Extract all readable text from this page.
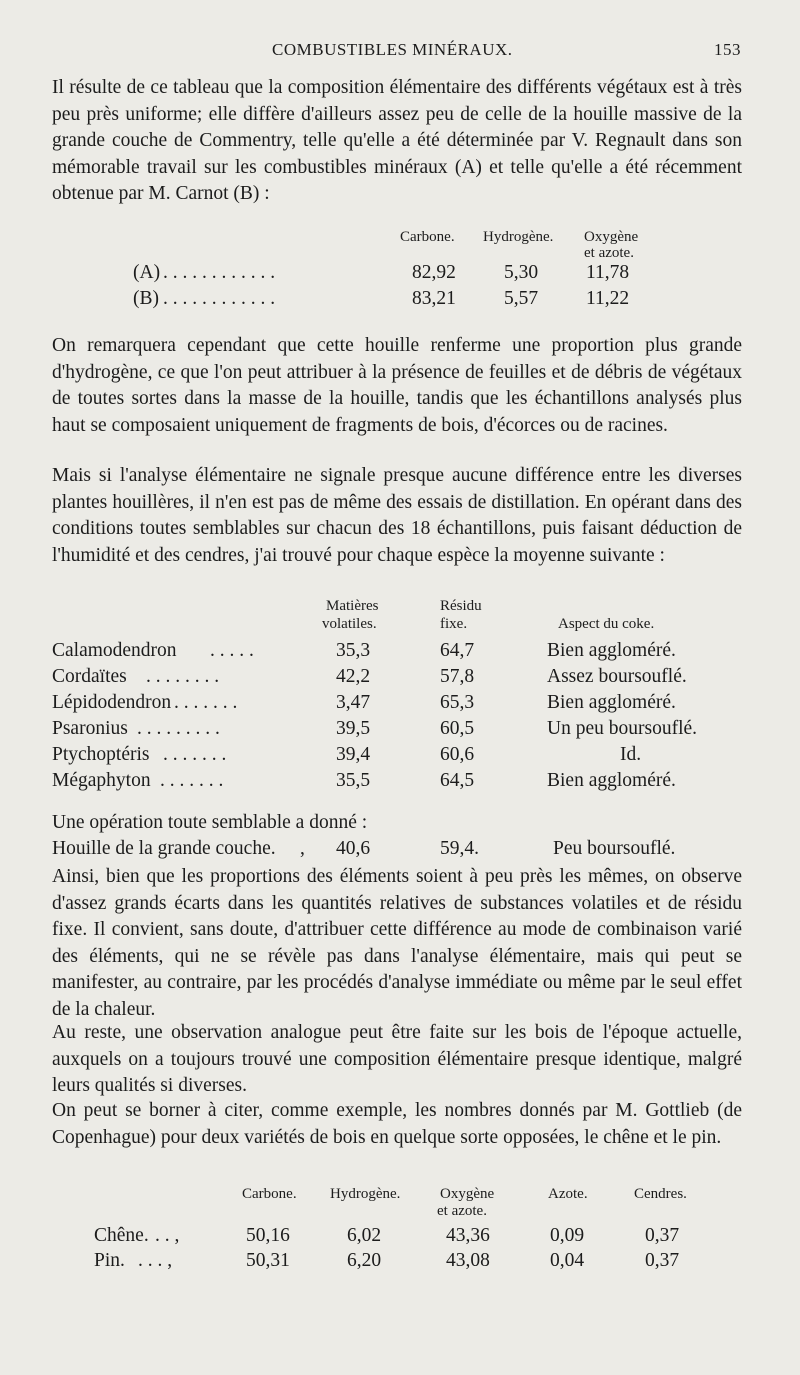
COMBUSTIBLES MINÉRAUX.	153
Il résulte de ce tableau que la composition élémentaire des différents végétaux est à très peu près uniforme; elle diffère d'ailleurs assez peu de celle de la houille massive de la grande couche de Commentry, telle qu'elle a été déterminée par V. Regnault dans son mémorable travail sur les combustibles minéraux (A) et telle qu'elle a été récemment obtenue par M. Carnot (B) :
Carbone. Hydrogène. Oxygène
et azote.
(A) . . . . . . . . . . . .	82,92 5,30 11,78
(B) . . . . . . . . . . . .	83,21 5,57 11,22
On remarquera cependant que cette houille renferme une proportion plus grande d'hydrogène, ce que l'on peut attribuer à la présence de feuilles et de débris de végétaux de toutes sortes dans la masse de la houille, tandis que les échantillons analysés plus haut se composaient uniquement de fragments de bois, d'écorces ou de racines.
Mais si l'analyse élémentaire ne signale presque aucune différence entre les diverses plantes houillères, il n'en est pas de même des essais de distillation. En opérant dans des conditions toutes semblables sur chacun des 18 échantillons, puis faisant déduction de l'humidité et des cendres, j'ai trouvé pour chaque espèce la moyenne suivante :
Matières
volatiles.
Résidu
fixe.	Aspect du coke.
Calamodendron . . . . .	35,3	64,7	Bien aggloméré.
Cordaïtes . . . . . . . .	42,2	57,8	Assez boursouflé.
Lépidodendron . . . . . . .	3,47	65,3	Bien aggloméré.
Psaronius . . . . . . . . .	39,5	60,5	Un peu boursouflé.
Ptychoptéris . . . . . . .	39,4	60,6	Id.
Mégaphyton . . . . . . .	35,5	64,5	Bien aggloméré.
Une opération toute semblable a donné :
Houille de la grande couche. , 40,6	59,4.	Peu boursouflé.
Ainsi, bien que les proportions des éléments soient à peu près les mêmes, on observe d'assez grands écarts dans les quantités relatives de substances volatiles et de résidu fixe. Il convient, sans doute, d'attribuer cette différence au mode de combinaison varié des éléments, qui ne se révèle pas dans l'analyse élémentaire, mais qui peut se manifester, au contraire, par les procédés d'analyse immédiate ou même par le seul effet de la chaleur.
Au reste, une observation analogue peut être faite sur les bois de l'époque actuelle, auxquels on a toujours trouvé une composition élémentaire presque identique, malgré leurs qualités si diverses.
On peut se borner à citer, comme exemple, les nombres donnés par M. Gottlieb (de Copenhague) pour deux variétés de bois en quelque sorte opposées, le chêne et le pin.
Carbone. Hydrogène.	Oxygène
et azote.
Azote.	Cendres.
Chêne. . . ,	50,16	6,02	43,36	0,09	0,37
Pin. . . . ,	50,31	6,20	43,08	0,04	0,37
